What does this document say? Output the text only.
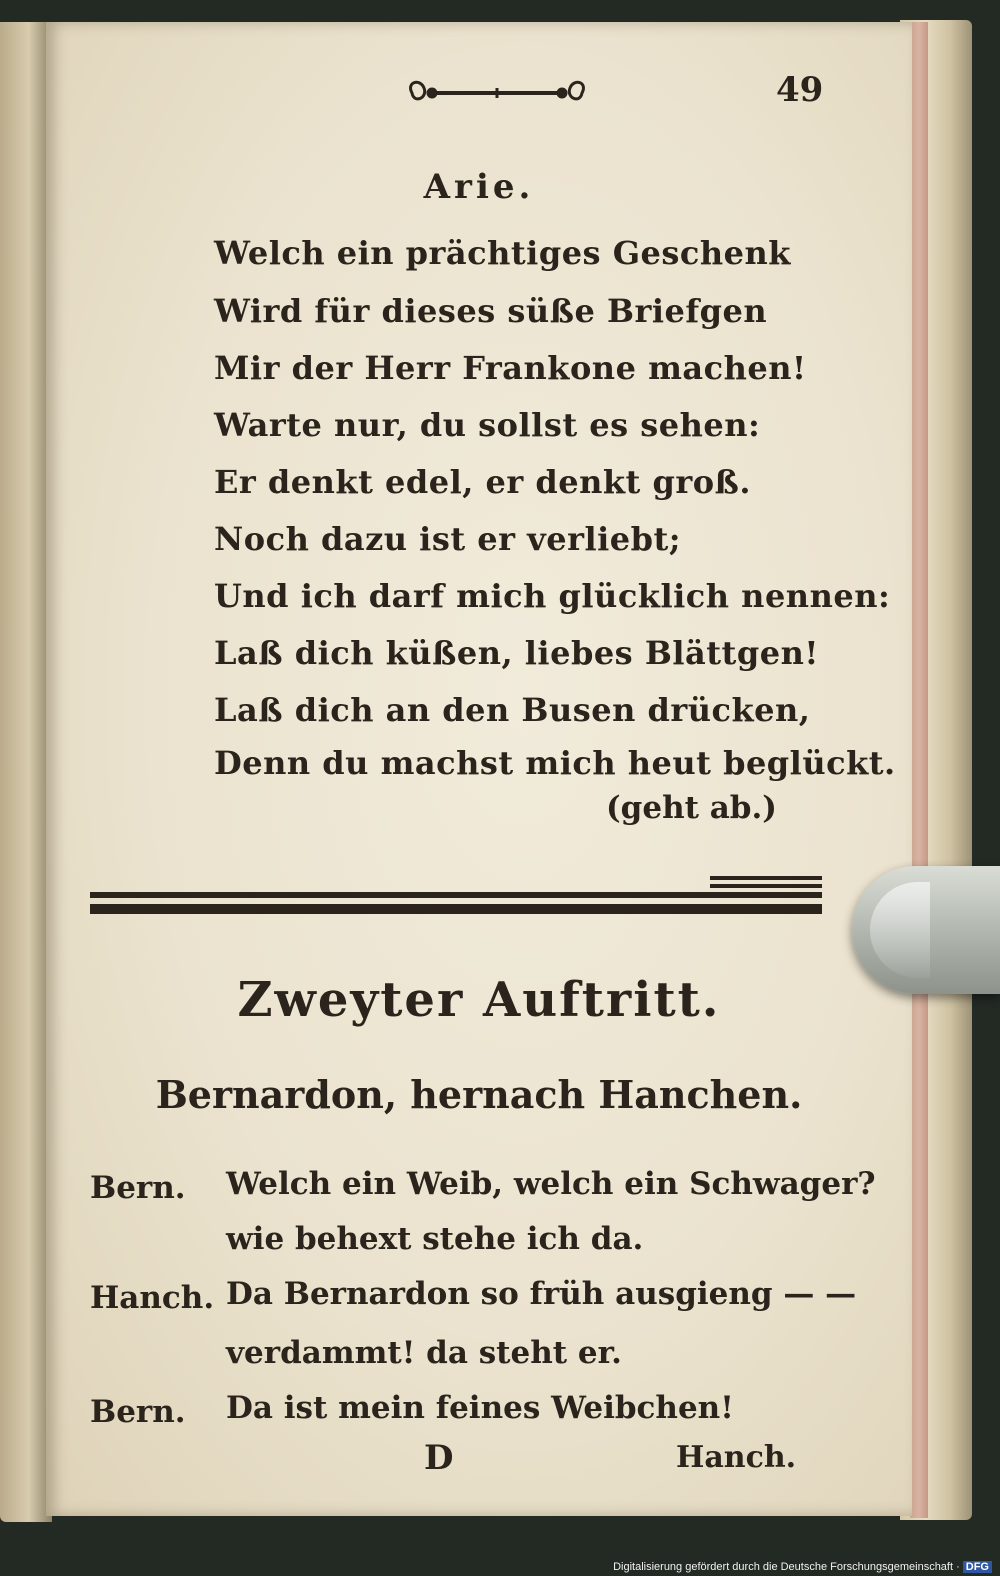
49
Arie.
Welch ein prächtiges Geschenk
Wird für dieses süße Briefgen
Mir der Herr Frankone machen!
Warte nur, du sollst es sehen:
Er denkt edel, er denkt groß.
Noch dazu ist er verliebt;
Und ich darf mich glücklich nennen:
Laß dich küßen, liebes Blättgen!
Laß dich an den Busen drücken,
Denn du machst mich heut beglückt.
(geht ab.)
Zweyter Auftritt.
Bernardon, hernach Hanchen.
Bern. Welch ein Weib, welch ein Schwager?
wie behext stehe ich da.
Hanch. Da Bernardon so früh ausgieng — —
verdammt! da steht er.
Bern. Da ist mein feines Weibchen!
D	Hanch.
Digitalisierung gefördert durch die Deutsche Forschungsgemeinschaft · DFG
